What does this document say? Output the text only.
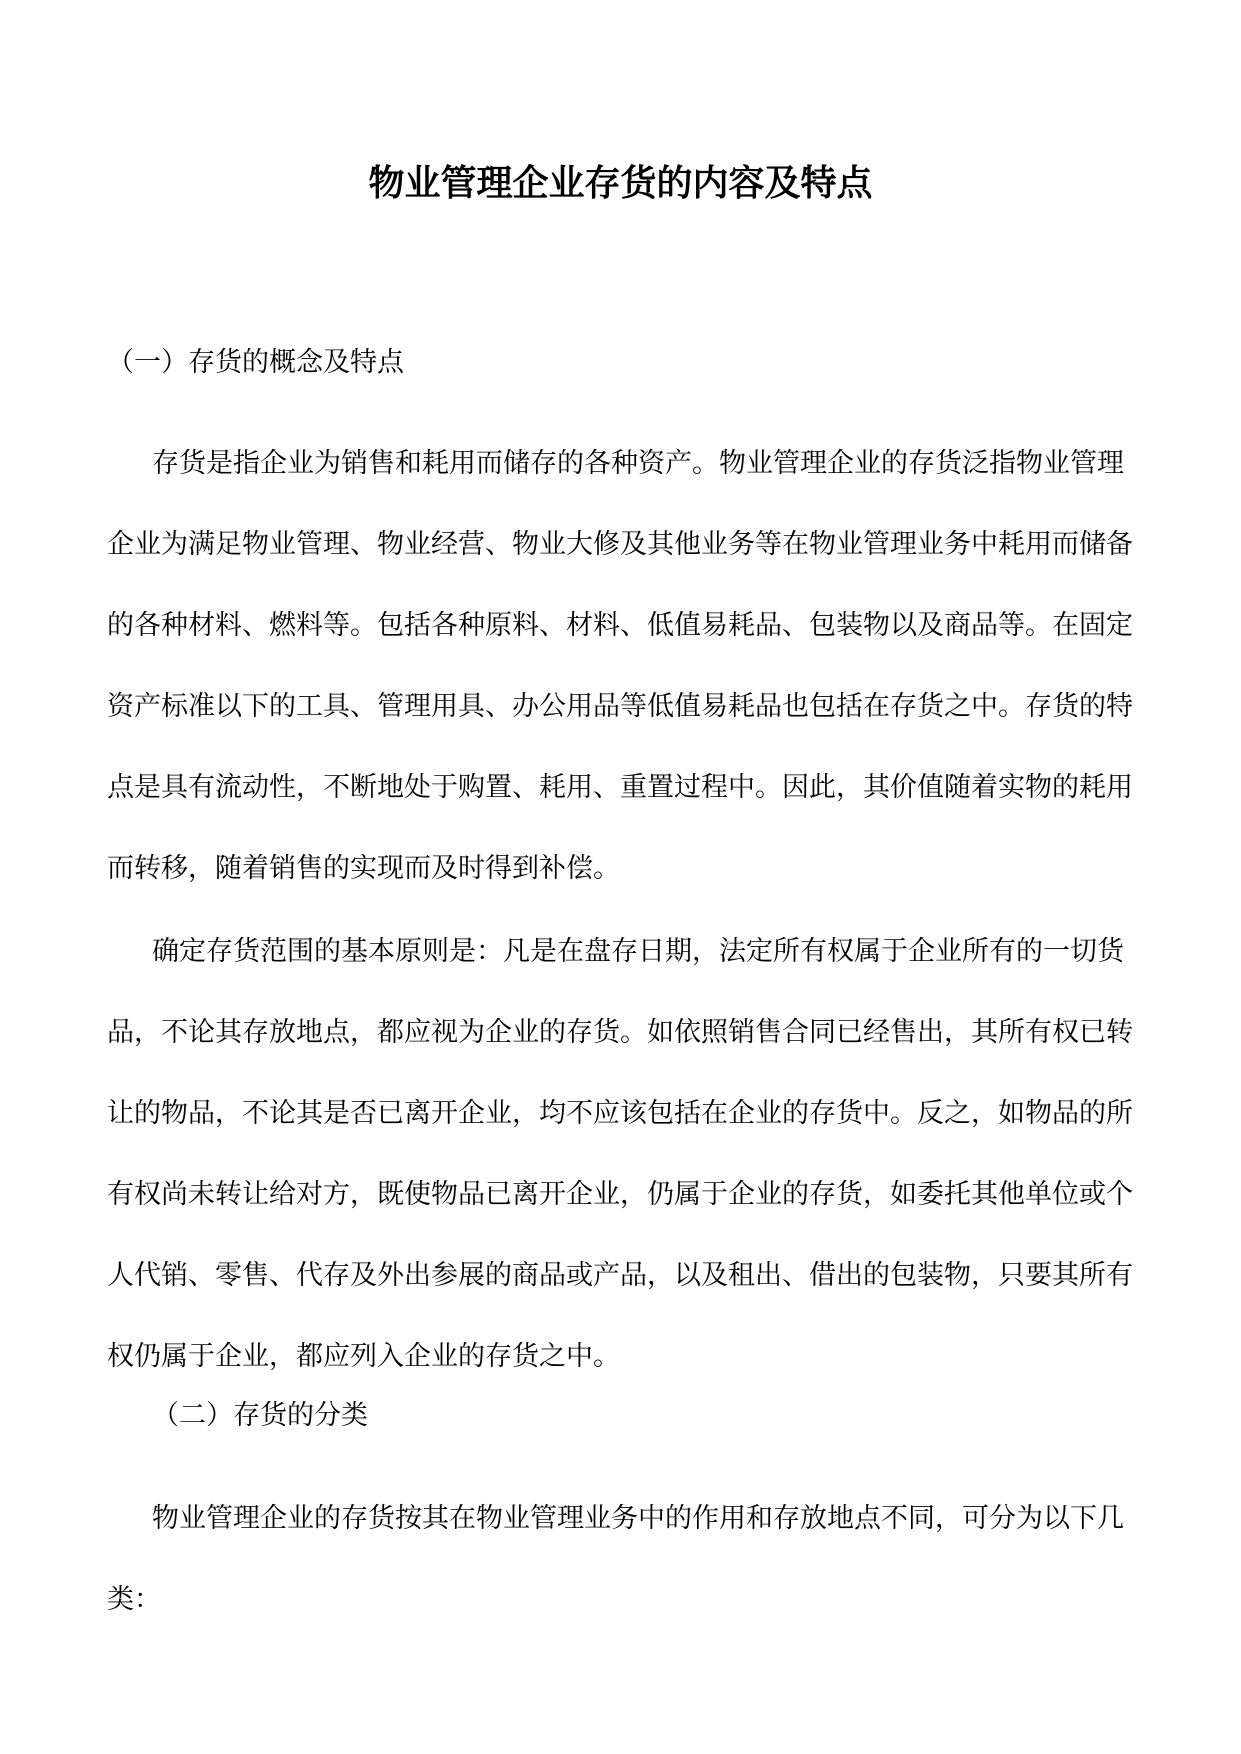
物业管理企业存货的内容及特点

（一）存货的概念及特点

存货是指企业为销售和耗用而储存的各种资产。物业管理企业的存货泛指物业管理企业为满足物业管理、物业经营、物业大修及其他业务等在物业管理业务中耗用而储备的各种材料、燃料等。包括各种原料、材料、低值易耗品、包装物以及商品等。在固定资产标准以下的工具、管理用具、办公用品等低值易耗品也包括在存货之中。存货的特点是具有流动性，不断地处于购置、耗用、重置过程中。因此，其价值随着实物的耗用而转移，随着销售的实现而及时得到补偿。

确定存货范围的基本原则是：凡是在盘存日期，法定所有权属于企业所有的一切货品，不论其存放地点，都应视为企业的存货。如依照销售合同已经售出，其所有权已转让的物品，不论其是否已离开企业，均不应该包括在企业的存货中。反之，如物品的所有权尚未转让给对方，既使物品已离开企业，仍属于企业的存货，如委托其他单位或个人代销、零售、代存及外出参展的商品或产品，以及租出、借出的包装物，只要其所有权仍属于企业，都应列入企业的存货之中。

（二）存货的分类

物业管理企业的存货按其在物业管理业务中的作用和存放地点不同，可分为以下几类：
